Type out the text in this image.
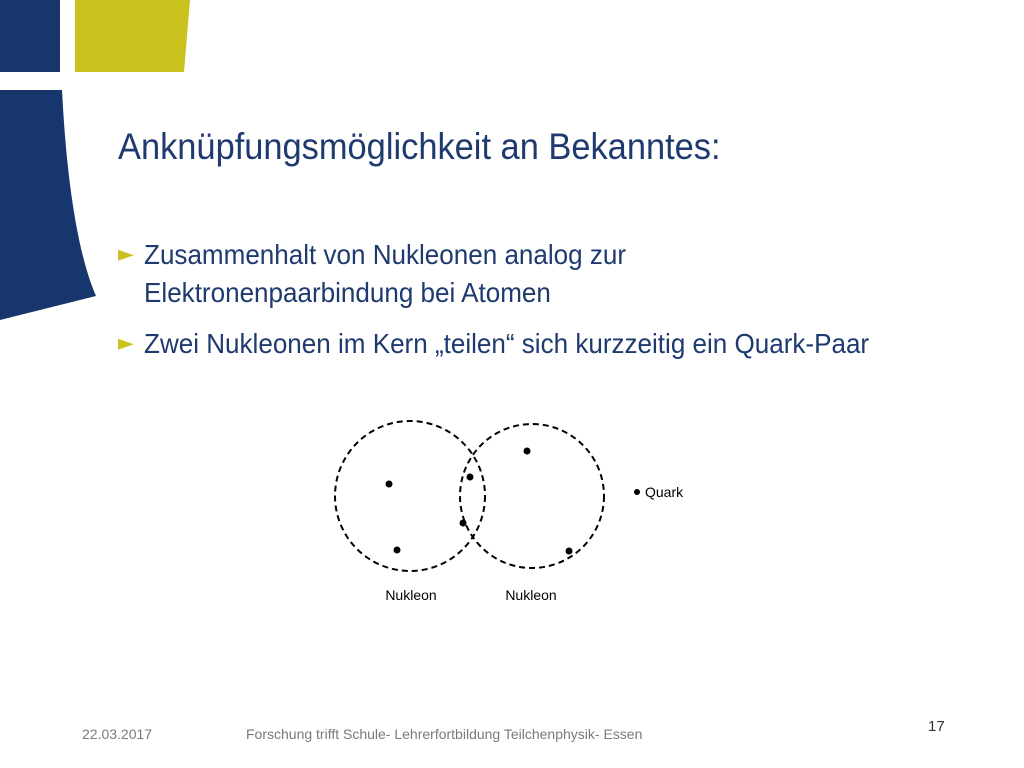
Anknüpfungsmöglichkeit an Bekanntes:
► Zusammenhalt von Nukleonen analog zur
Elektronenpaarbindung bei Atomen
► Zwei Nukleonen im Kern „teilen“ sich kurzzeitig ein Quark-Paar
Quark
Nukleon	Nukleon
22.03.2017	Forschung trifft Schule- Lehrerfortbildung Teilchenphysik- Essen	17
